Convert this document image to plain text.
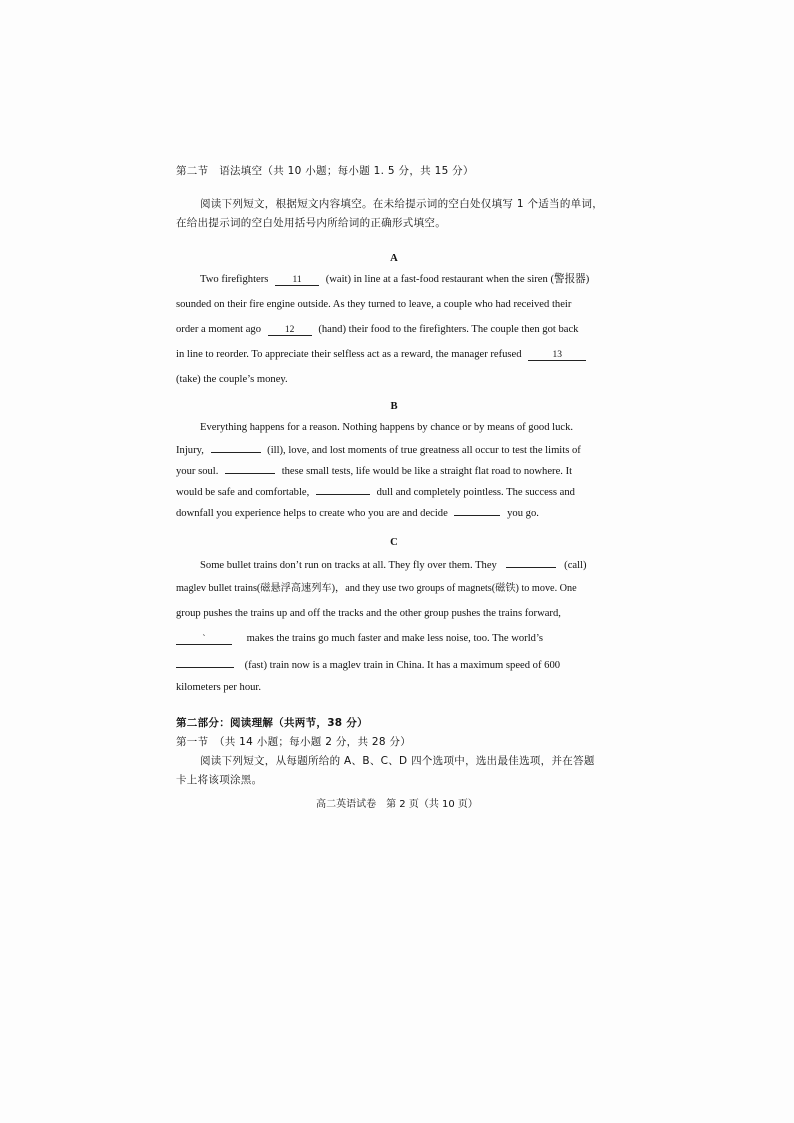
第二节　语法填空（共 10 小题；每小题 1. 5 分，共 15 分）
阅读下列短文，根据短文内容填空。在未给提示词的空白处仅填写 1 个适当的单词，
在给出提示词的空白处用括号内所给词的正确形式填空。
A
Two firefighters	11 (wait) in line at a fast-food restaurant when the siren (警报器)
sounded on their fire engine outside. As they turned to leave, a couple who had received their
order a moment ago	12 (hand) their food to the firefighters. The couple then got back
in line to reorder. To appreciate their selfless act as a reward, the manager refused	13
(take) the couple’s money.
B
Everything happens for a reason. Nothing happens by chance or by means of good luck.
Injury,	(ill), love, and lost moments of true greatness all occur to test the limits of
your soul.	these small tests, life would be like a straight flat road to nowhere. It
would be safe and comfortable,	dull and completely pointless. The success and
downfall you experience helps to create who you are and decide	you go.
C
Some bullet trains don’t run on tracks at all. They fly over them. They	(call)
maglev bullet trains(磁悬浮高速列车)，and they use two groups of magnets(磁铁) to move. One
group pushes the trains up and off the tracks and the other group pushes the trains forward,
`	makes the trains go much faster and make less noise, too. The world’s
(fast) train now is a maglev train in China. It has a maximum speed of 600
kilometers per hour.
第二部分：阅读理解（共两节，38 分）
第一节　（共 14 小题；每小题 2 分，共 28 分）
阅读下列短文，从每题所给的 A、B、C、D 四个选项中，选出最佳选项，并在答题
卡上将该项涂黑。
高二英语试卷　第 2 页（共 10 页）
